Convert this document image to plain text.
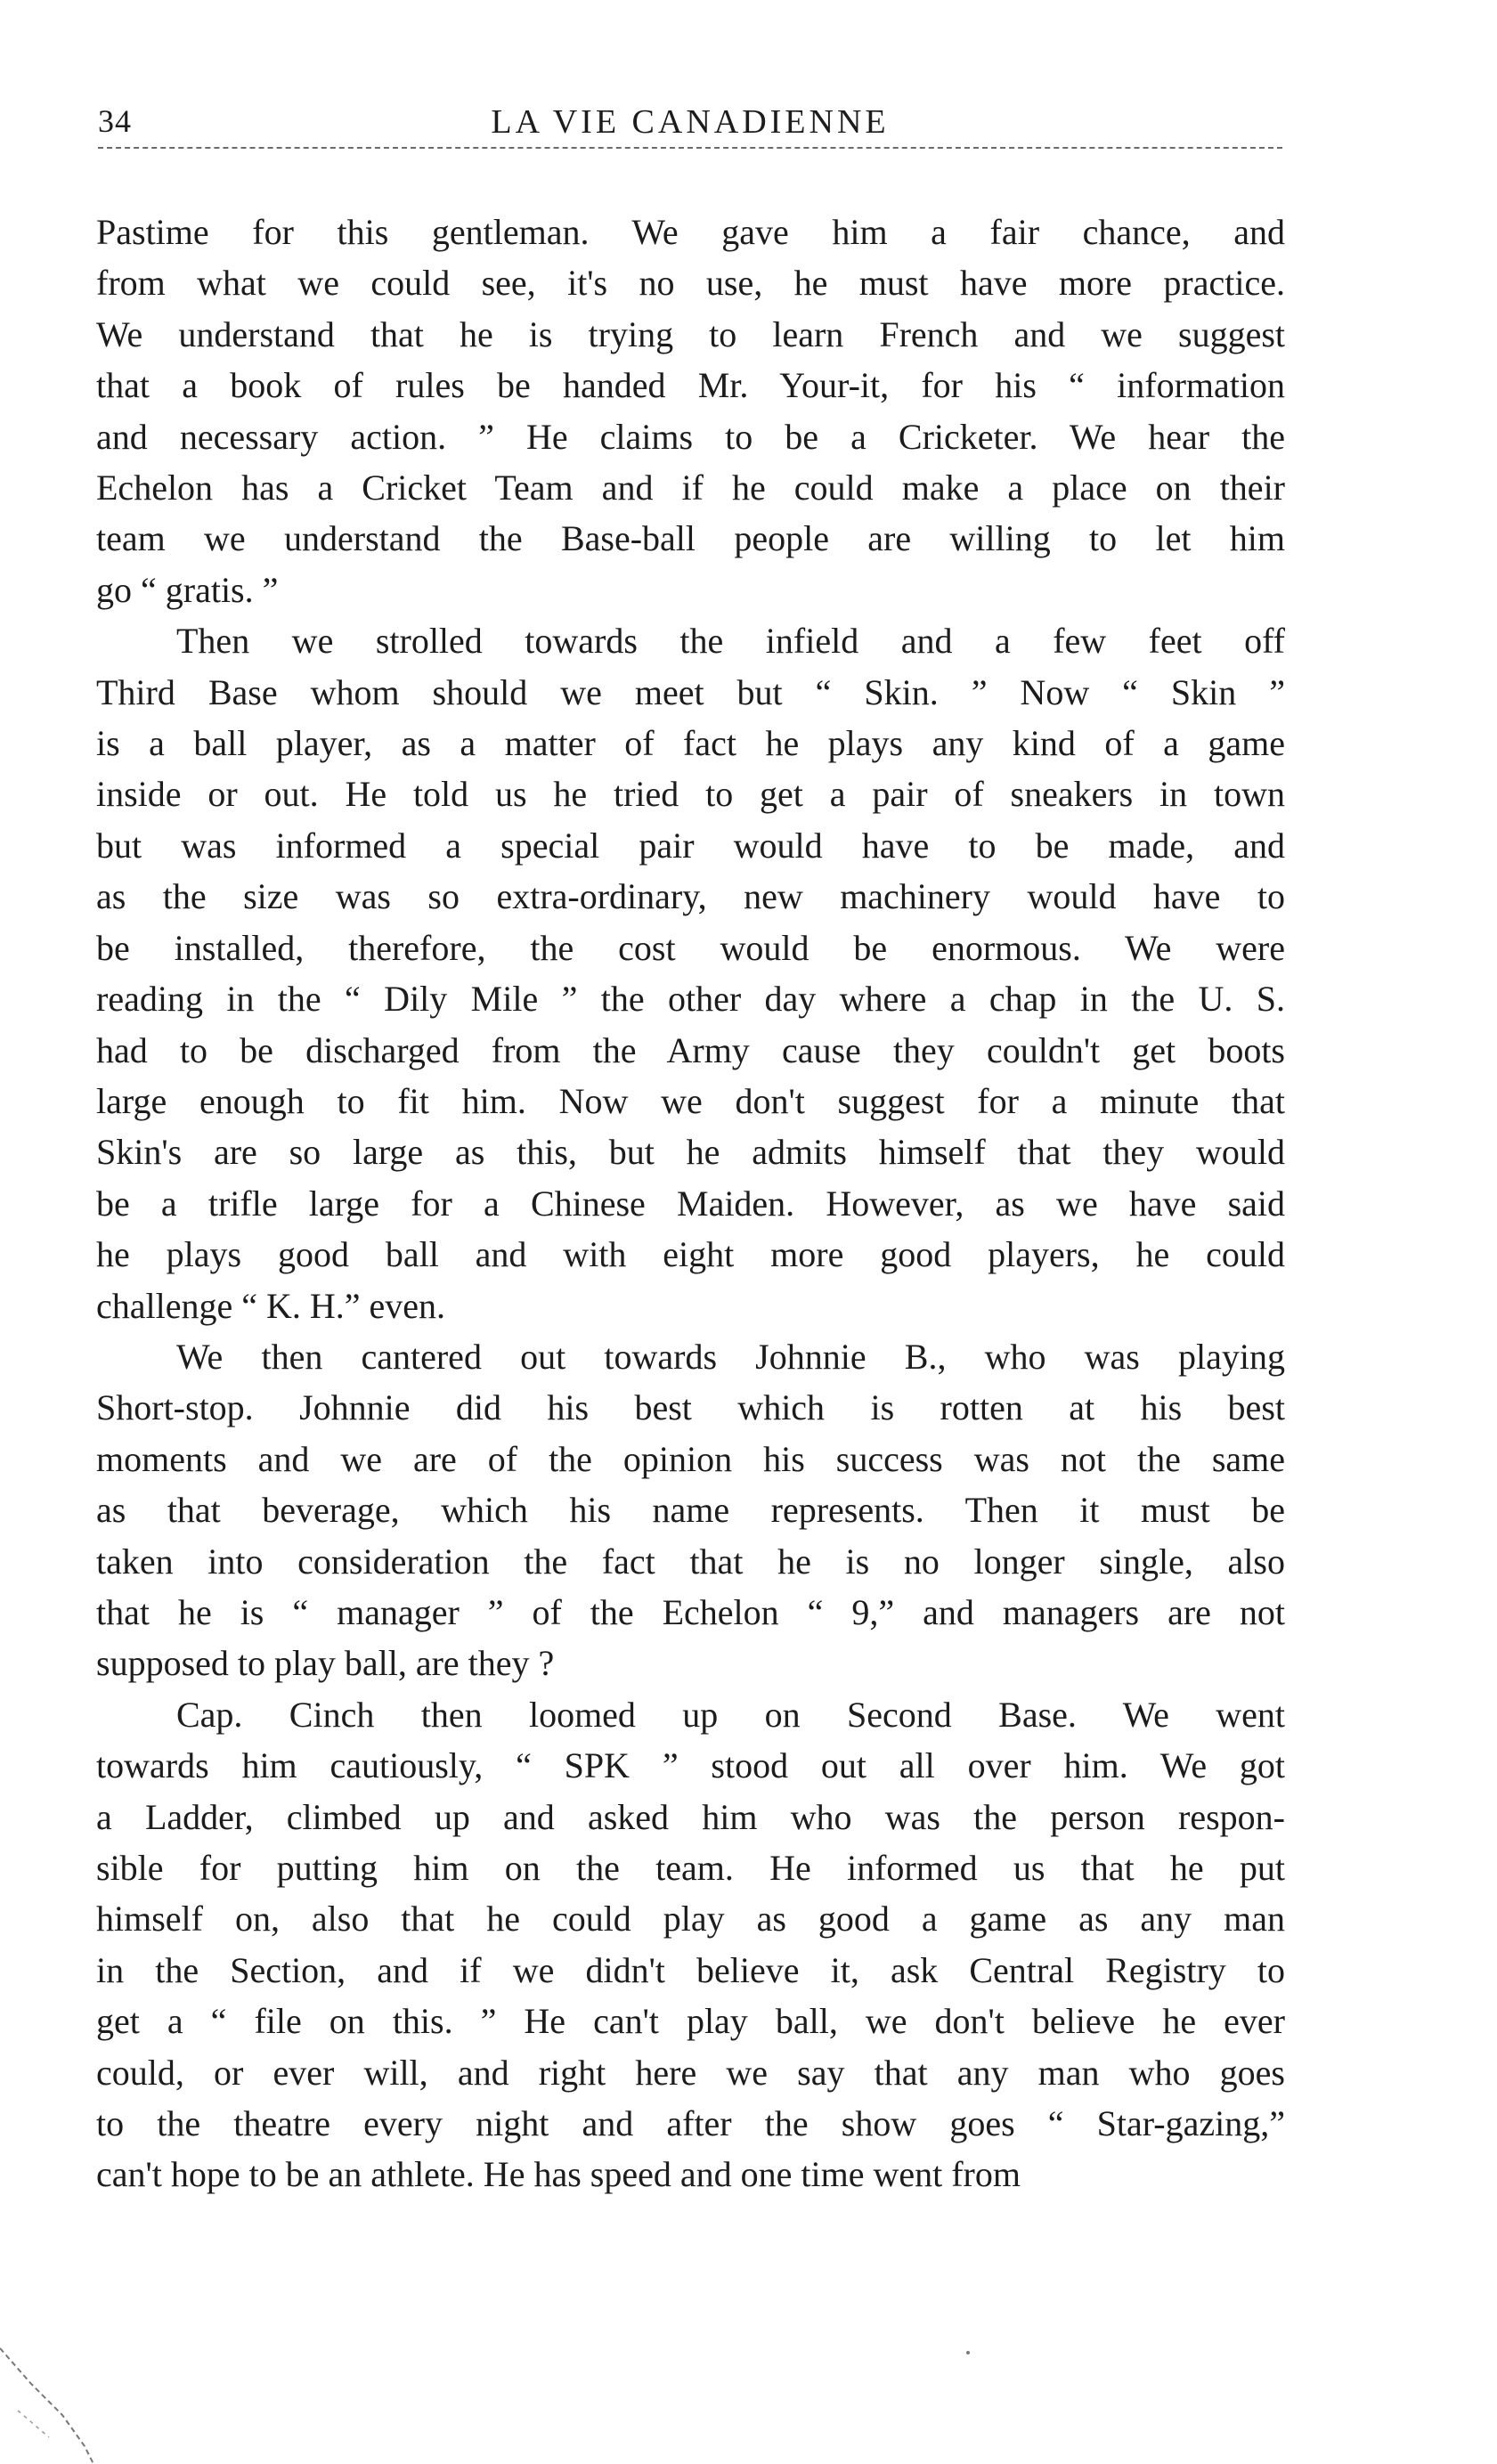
34	LA VIE CANADIENNE
Pastime for this gentleman. We gave him a fair chance, and
from what we could see, it's no use, he must have more practice.
We understand that he is trying to learn French and we suggest
that a book of rules be handed Mr. Your-it, for his “ information
and necessary action. ” He claims to be a Cricketer. We hear the
Echelon has a Cricket Team and if he could make a place on their
team we understand the Base-ball people are willing to let him
go “ gratis. ”
Then we strolled towards the infield and a few feet off
Third Base whom should we meet but “ Skin. ” Now “ Skin ”
is a ball player, as a matter of fact he plays any kind of a game
inside or out. He told us he tried to get a pair of sneakers in town
but was informed a special pair would have to be made, and
as the size was so extra-ordinary, new machinery would have to
be installed, therefore, the cost would be enormous. We were
reading in the “ Dily Mile ” the other day where a chap in the U. S.
had to be discharged from the Army cause they couldn't get boots
large enough to fit him. Now we don't suggest for a minute that
Skin's are so large as this, but he admits himself that they would
be a trifle large for a Chinese Maiden. However, as we have said
he plays good ball and with eight more good players, he could
challenge “ K. H.” even.
We then cantered out towards Johnnie B., who was playing
Short-stop. Johnnie did his best which is rotten at his best
moments and we are of the opinion his success was not the same
as that beverage, which his name represents. Then it must be
taken into consideration the fact that he is no longer single, also
that he is “ manager ” of the Echelon “ 9,” and managers are not
supposed to play ball, are they ?
Cap. Cinch then loomed up on Second Base. We went
towards him cautiously, “ SPK ” stood out all over him. We got
a Ladder, climbed up and asked him who was the person respon-
sible for putting him on the team. He informed us that he put
himself on, also that he could play as good a game as any man
in the Section, and if we didn't believe it, ask Central Registry to
get a “ file on this. ” He can't play ball, we don't believe he ever
could, or ever will, and right here we say that any man who goes
to the theatre every night and after the show goes “ Star-gazing,”
can't hope to be an athlete. He has speed and one time went from
